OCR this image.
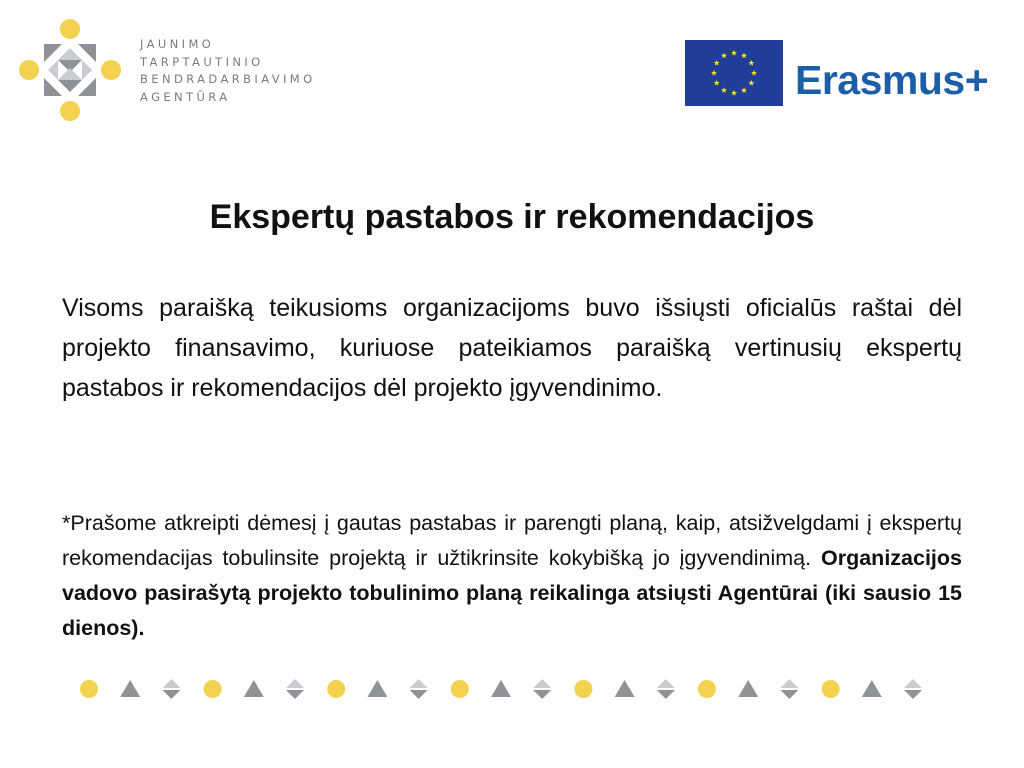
JAUNIMO
TARPTAUTINIO
BENDRADARBIAVIMO
AGENTŪRA	Erasmus+
Ekspertų pastabos ir rekomendacijos
Visoms paraišką teikusioms organizacijoms buvo išsiųsti oficialūs raštai dėl projekto finansavimo, kuriuose pateikiamos paraišką vertinusių ekspertų pastabos ir rekomendacijos dėl projekto įgyvendinimo.
*Prašome atkreipti dėmesį į gautas pastabas ir parengti planą, kaip, atsižvelgdami į ekspertų rekomendacijas tobulinsite projektą ir užtikrinsite kokybišką jo įgyvendinimą. Organizacijos vadovo pasirašytą projekto tobulinimo planą reikalinga atsiųsti Agentūrai (iki sausio 15 dienos).
